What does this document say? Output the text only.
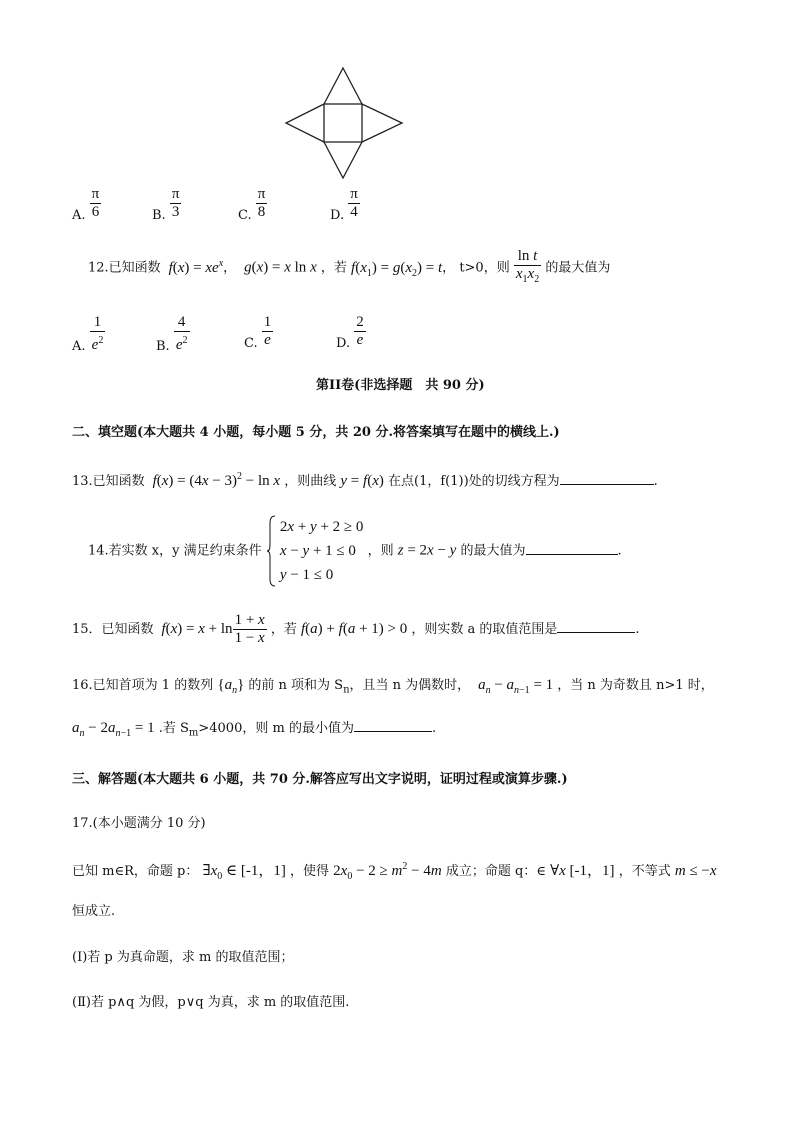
A. $\frac{\pi}{6}$	B. $\frac{\pi}{3}$	C. $\frac{\pi}{8}$	D. $\frac{\pi}{4}$
12.已知函数  $f(x) = xe^x$，  g(x) = x ln x ，若 $f(x_1) = g(x_2) = t$， t>0，则 $\frac{\text{ln t}}{x_1x_2}$ 的最大值为
A. $\frac{1}{e^2}$	B. $\frac{4}{e^2}$	C. $\frac{1}{e}$	D. $\frac{2}{e}$
第II卷(非选择题　共 90 分)
二、填空题(本大题共 4 小题，每小题 5 分，共 20 分.将答案填写在题中的横线上.)
13.已知函数  $f(x) = (4x - 3)^2 - \ln x$ ，则曲线 y = f(x) 在点(1，f(1))处的切线方程为	.
14.若实数 x，y 满足约束条件
2x + y + 2 ≥ 0
x − y + 1 ≤ 0
y − 1 ≤ 0
，则 z = 2x − y 的最大值为	.
15．已知函数  $f(x) = x + \ln \frac{1 + x}{1 - x}$ ，若 f(a) + f(a + 1) > 0 ，则实数 a 的取值范围是	.
16.已知首项为 1 的数列 $\{a_n\}$ 的前 n 项和为 $S_n$，且当 n 为偶数时，  $a_n - a_{n-1} = 1$ ，当 n 为奇数且 n>1 时，
$a_n - 2a_{n-1} = 1$ .若 $S_m>4000$，则 m 的最小值为	.
三、解答题(本大题共 6 小题，共 70 分.解答应写出文字说明，证明过程或演算步骤.)
17.(本小题满分 10 分)
已知 m∈R，命题 p： $\exists x_0$ ∈ [-1，1] ，使得 $2x_0 - 2 \ge m^2 - 4m$ 成立；命题 q：∈ ∀x [-1，1] ，不等式 m ≤ −x
恒成立.
(Ⅰ)若 p 为真命题，求 m 的取值范围；
(Ⅱ)若 p∧q 为假，p∨q 为真，求 m 的取值范围.
